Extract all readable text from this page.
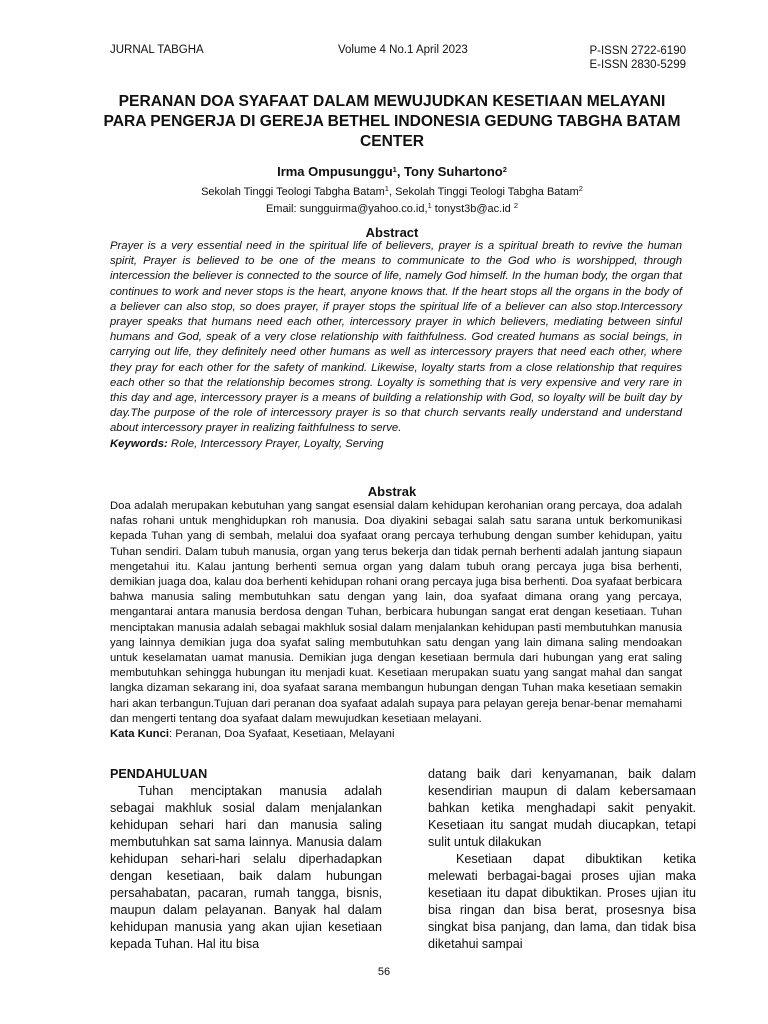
JURNAL TABGHA	Volume 4 No.1 April 2023	P-ISSN 2722-6190
E-ISSN 2830-5299
PERANAN DOA SYAFAAT DALAM MEWUJUDKAN KESETIAAN MELAYANI PARA PENGERJA DI GEREJA BETHEL INDONESIA GEDUNG TABGHA BATAM CENTER
Irma Ompusunggu$^1$, Tony Suhartono$^2$
Sekolah Tinggi Teologi Tabgha Batam$^1$, Sekolah Tinggi Teologi Tabgha Batam$^2$
Email: sungguirma@yahoo.co.id,$^1$ tonyst3b@ac.id $^2$
Abstract
Prayer is a very essential need in the spiritual life of believers, prayer is a spiritual breath to revive the human spirit, Prayer is believed to be one of the means to communicate to the God who is worshipped, through intercession the believer is connected to the source of life, namely God himself. In the human body, the organ that continues to work and never stops is the heart, anyone knows that. If the heart stops all the organs in the body of a believer can also stop, so does prayer, if prayer stops the spiritual life of a believer can also stop.Intercessory prayer speaks that humans need each other, intercessory prayer in which believers, mediating between sinful humans and God, speak of a very close relationship with faithfulness. God created humans as social beings, in carrying out life, they definitely need other humans as well as intercessory prayers that need each other, where they pray for each other for the safety of mankind. Likewise, loyalty starts from a close relationship that requires each other so that the relationship becomes strong. Loyalty is something that is very expensive and very rare in this day and age, intercessory prayer is a means of building a relationship with God, so loyalty will be built day by day.The purpose of the role of intercessory prayer is so that church servants really understand and understand about intercessory prayer in realizing faithfulness to serve.
Keywords: Role, Intercessory Prayer, Loyalty, Serving
Abstrak
Doa adalah merupakan kebutuhan yang sangat esensial dalam kehidupan kerohanian orang percaya, doa adalah nafas rohani untuk menghidupkan roh manusia. Doa diyakini sebagai salah satu sarana untuk berkomunikasi kepada Tuhan yang di sembah, melalui doa syafaat orang percaya terhubung dengan sumber kehidupan, yaitu Tuhan sendiri. Dalam tubuh manusia, organ yang terus bekerja dan tidak pernah berhenti adalah jantung siapaun mengetahui itu. Kalau jantung berhenti semua organ yang dalam tubuh orang percaya juga bisa berhenti, demikian juaga doa, kalau doa berhenti kehidupan rohani orang percaya juga bisa berhenti. Doa syafaat berbicara bahwa manusia saling membutuhkan satu dengan yang lain, doa syafaat dimana orang yang percaya, mengantarai antara manusia berdosa dengan Tuhan, berbicara hubungan sangat erat dengan kesetiaan. Tuhan menciptakan manusia adalah sebagai makhluk sosial dalam menjalankan kehidupan pasti membutuhkan manusia yang lainnya demikian juga doa syafat saling membutuhkan satu dengan yang lain dimana saling mendoakan untuk keselamatan uamat manusia. Demikian juga dengan kesetiaan bermula dari hubungan yang erat saling membutuhkan sehingga hubungan itu menjadi kuat. Kesetiaan merupakan suatu yang sangat mahal dan sangat langka dizaman sekarang ini, doa syafaat sarana membangun hubungan dengan Tuhan maka kesetiaan semakin hari akan terbangun.Tujuan dari peranan doa syafaat adalah supaya para pelayan gereja benar-benar memahami dan mengerti tentang doa syafaat dalam mewujudkan kesetiaan melayani.
Kata Kunci: Peranan, Doa Syafaat, Kesetiaan, Melayani
PENDAHULUAN

Tuhan menciptakan manusia adalah sebagai makhluk sosial dalam menjalankan kehidupan sehari hari dan manusia saling membutuhkan sat sama lainnya. Manusia dalam kehidupan sehari-hari selalu diperhadapkan dengan kesetiaan, baik dalam hubungan persahabatan, pacaran, rumah tangga, bisnis, maupun dalam pelayanan. Banyak hal dalam kehidupan manusia yang akan ujian kesetiaan kepada Tuhan. Hal itu bisa

datang baik dari kenyamanan, baik dalam kesendirian maupun di dalam kebersamaan bahkan ketika menghadapi sakit penyakit. Kesetiaan itu sangat mudah diucapkan, tetapi sulit untuk dilakukan

Kesetiaan dapat dibuktikan ketika melewati berbagai-bagai proses ujian maka kesetiaan itu dapat dibuktikan. Proses ujian itu bisa ringan dan bisa berat, prosesnya bisa singkat bisa panjang, dan lama, dan tidak bisa diketahui sampai

56
